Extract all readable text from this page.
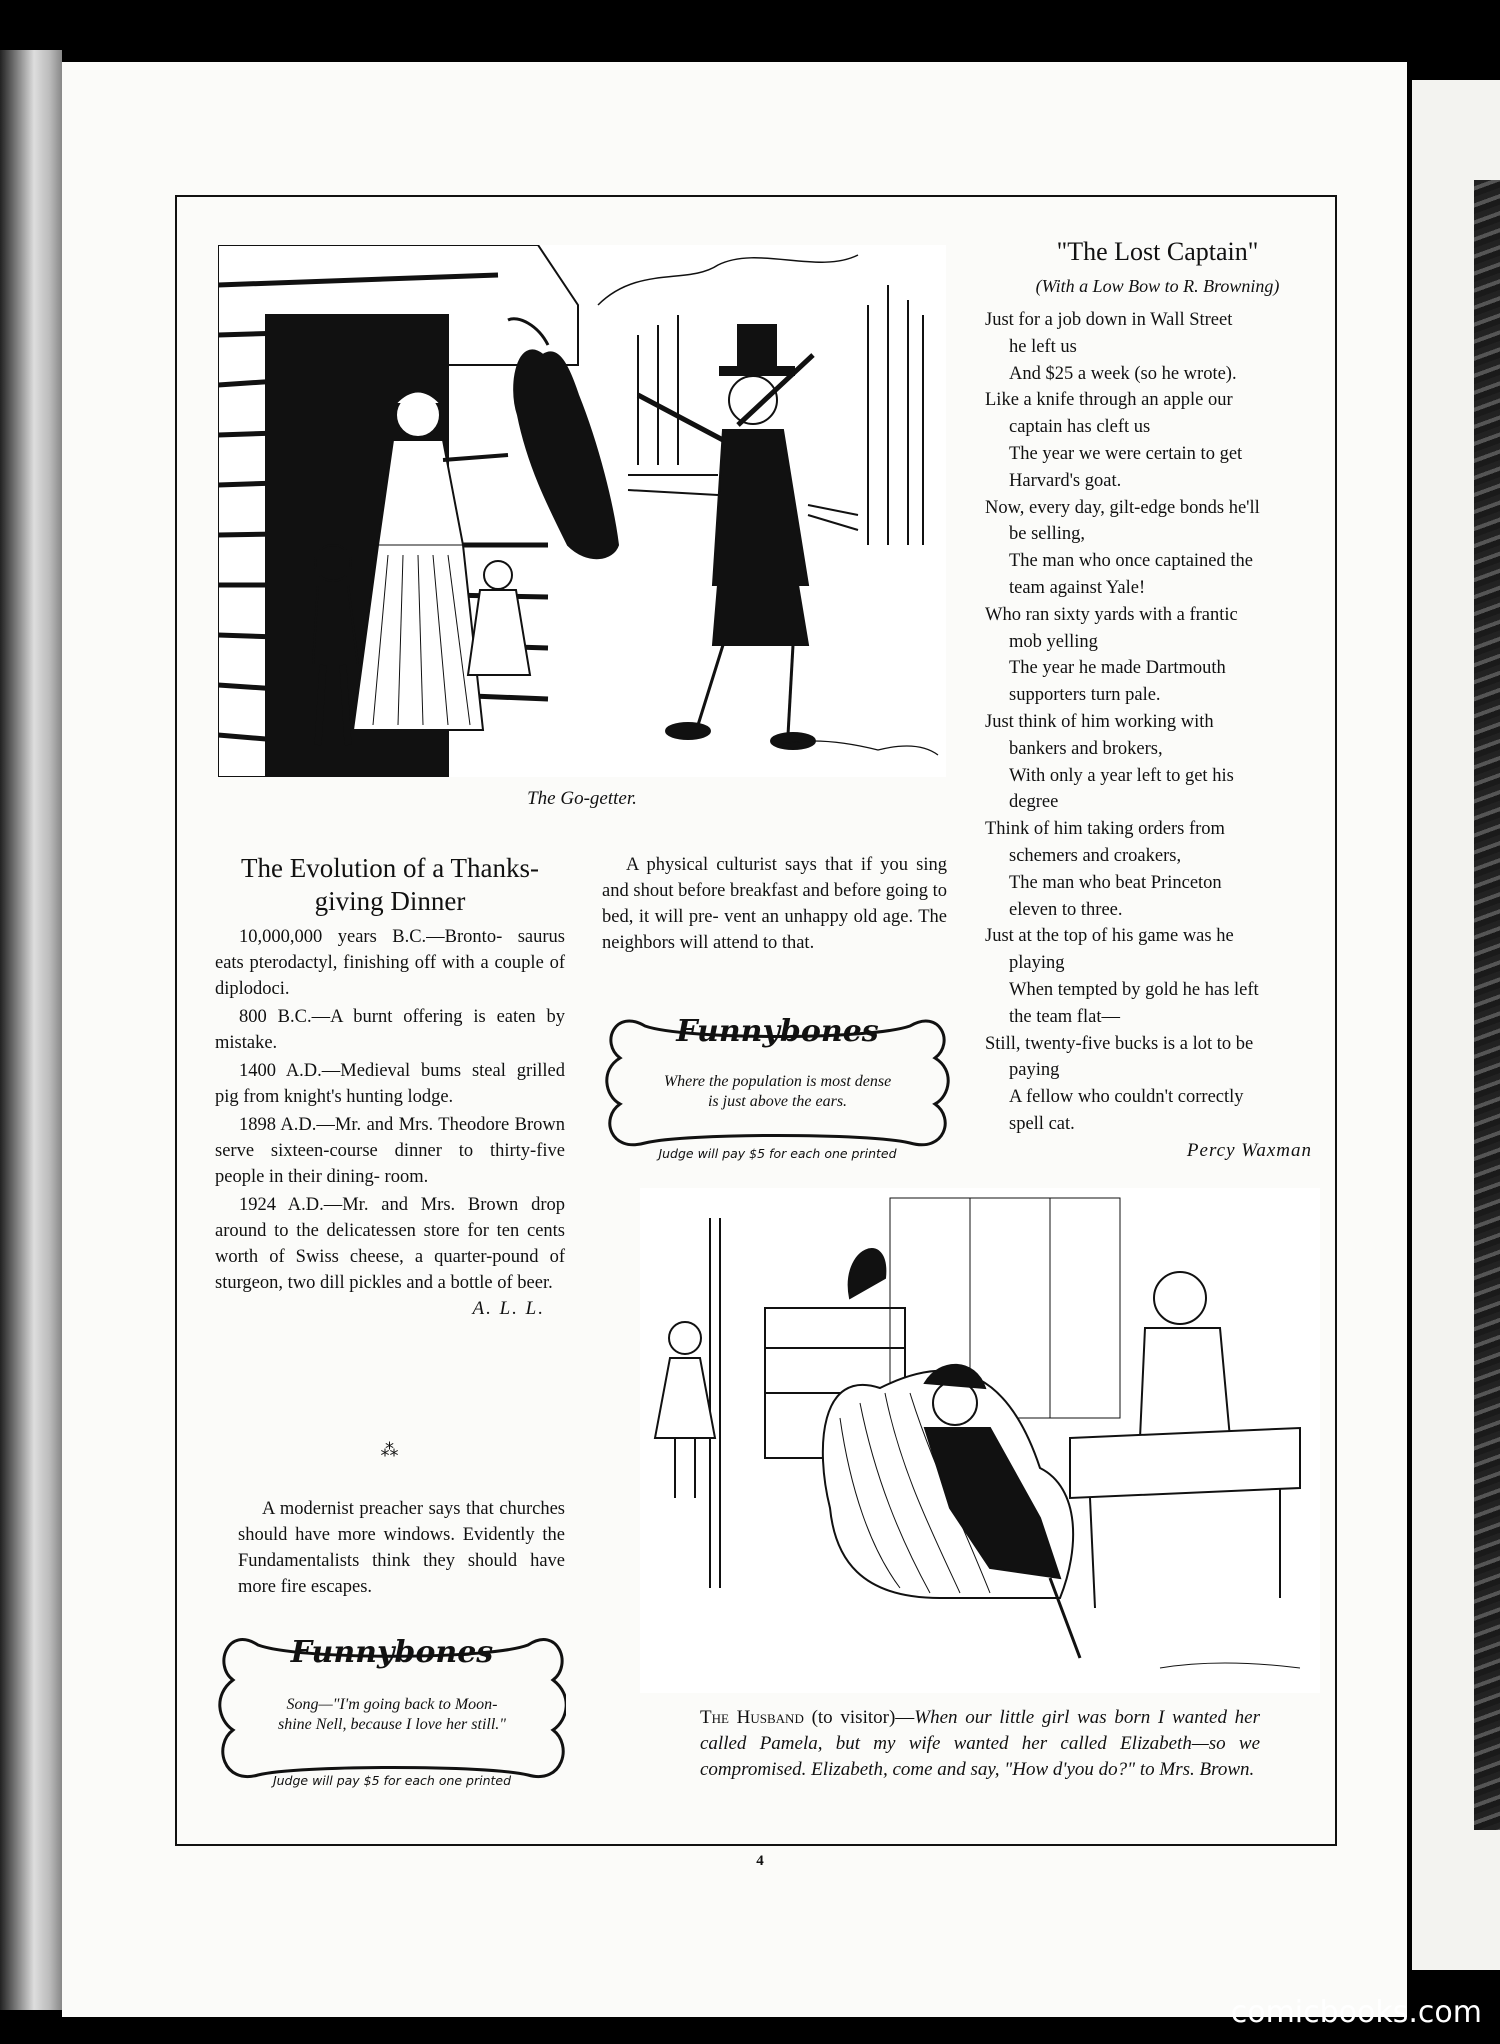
The Go-getter.
The Evolution of a Thanks-
giving Dinner

10,000,000 years B.C.—Bronto- saurus eats pterodactyl, finishing off with a couple of diplodoci.

800 B.C.—A burnt offering is eaten by mistake.

1400 A.D.—Medieval bums steal grilled pig from knight's hunting lodge.

1898 A.D.—Mr. and Mrs. Theodore Brown serve sixteen-course dinner to thirty-five people in their dining- room.

1924 A.D.—Mr. and Mrs. Brown drop around to the delicatessen store for ten cents worth of Swiss cheese, a quarter-pound of sturgeon, two dill pickles and a bottle of beer.

A. L. L.
⁂

A modernist preacher says that churches should have more windows. Evidently the Fundamentalists think they should have more fire escapes.

Funnybones
Song—"I'm going back to Moon-
shine Nell, because I love her still."
Judge will pay $5 for each one printed

A physical culturist says that if you sing and shout before breakfast and before going to bed, it will pre- vent an unhappy old age. The neighbors will attend to that.

Funnybones
Where the population is most dense
is just above the ears.
Judge will pay $5 for each one printed
"The Lost Captain"
(With a Low Bow to R. Browning)
Just for a job down in Wall Street
he left us
And $25 a week (so he wrote).
Like a knife through an apple our
captain has cleft us
The year we were certain to get
Harvard's goat.
Now, every day, gilt-edge bonds he'll
be selling,
The man who once captained the
team against Yale!
Who ran sixty yards with a frantic
mob yelling
The year he made Dartmouth
supporters turn pale.
Just think of him working with
bankers and brokers,
With only a year left to get his
degree
Think of him taking orders from
schemers and croakers,
The man who beat Princeton
eleven to three.
Just at the top of his game was he
playing
When tempted by gold he has left
the team flat—
Still, twenty-five bucks is a lot to be
paying
A fellow who couldn't correctly
spell cat.
Percy Waxman
The Husband (to visitor)—When our little girl was born I wanted her called Pamela, but my wife wanted her called Elizabeth—so we compromised. Elizabeth, come and say, "How d'you do?" to Mrs. Brown.
4
comicbooks.com
